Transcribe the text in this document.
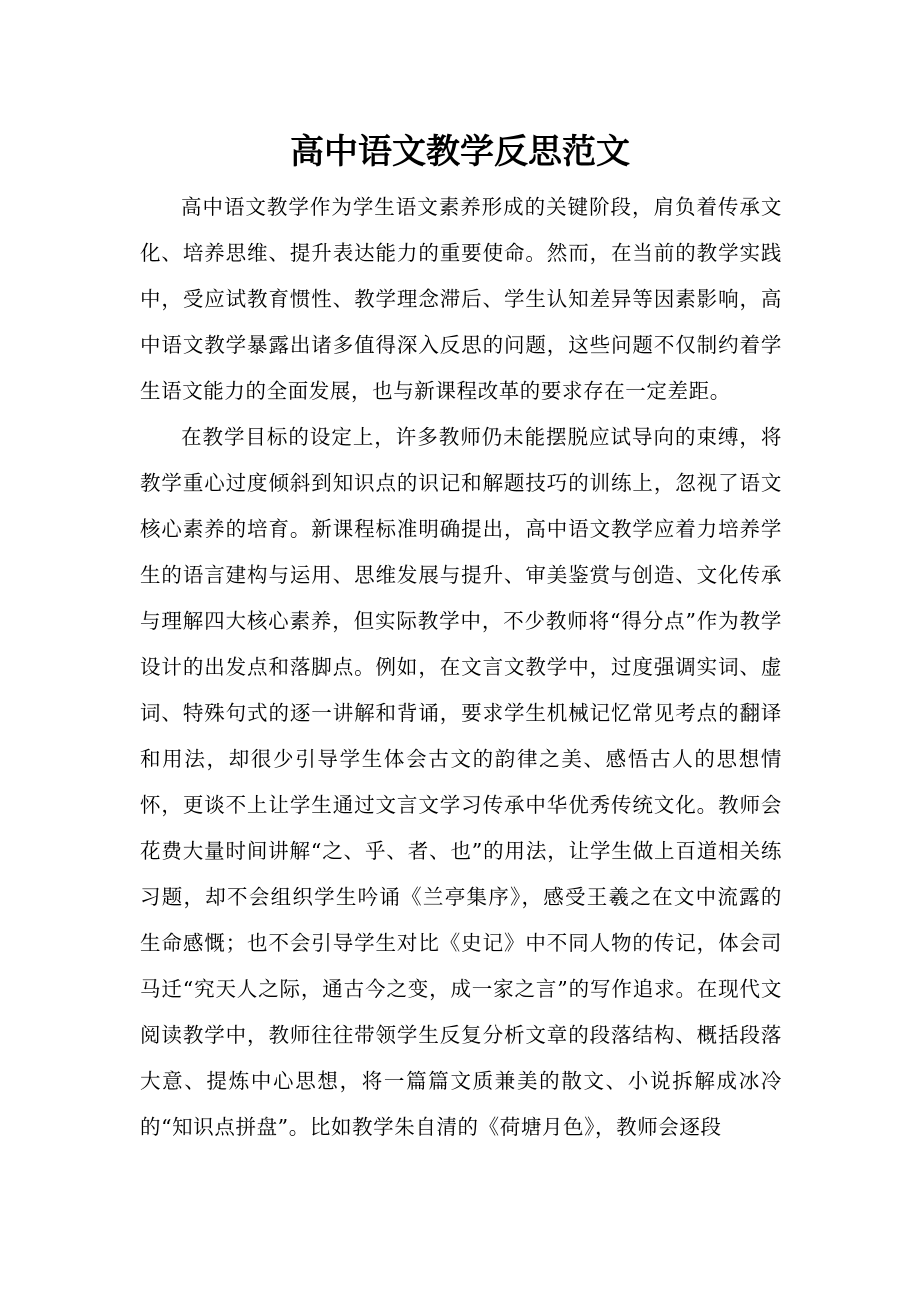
高中语文教学反思范文

高中语文教学作为学生语文素养形成的关键阶段，肩负着传承文化、培养思维、提升表达能力的重要使命。然而，在当前的教学实践中，受应试教育惯性、教学理念滞后、学生认知差异等因素影响，高中语文教学暴露出诸多值得深入反思的问题，这些问题不仅制约着学生语文能力的全面发展，也与新课程改革的要求存在一定差距。

在教学目标的设定上，许多教师仍未能摆脱应试导向的束缚，将教学重心过度倾斜到知识点的识记和解题技巧的训练上，忽视了语文核心素养的培育。新课程标准明确提出，高中语文教学应着力培养学生的语言建构与运用、思维发展与提升、审美鉴赏与创造、文化传承与理解四大核心素养，但实际教学中，不少教师将“得分点”作为教学设计的出发点和落脚点。例如，在文言文教学中，过度强调实词、虚词、特殊句式的逐一讲解和背诵，要求学生机械记忆常见考点的翻译和用法，却很少引导学生体会古文的韵律之美、感悟古人的思想情怀，更谈不上让学生通过文言文学习传承中华优秀传统文化。教师会花费大量时间讲解“之、乎、者、也”的用法，让学生做上百道相关练习题，却不会组织学生吟诵《兰亭集序》，感受王羲之在文中流露的生命感慨；也不会引导学生对比《史记》中不同人物的传记，体会司马迁“究天人之际，通古今之变，成一家之言”的写作追求。在现代文阅读教学中，教师往往带领学生反复分析文章的段落结构、概括段落大意、提炼中心思想，将一篇篇文质兼美的散文、小说拆解成冰冷的“知识点拼盘”。比如教学朱自清的《荷塘月色》，教师会逐段
